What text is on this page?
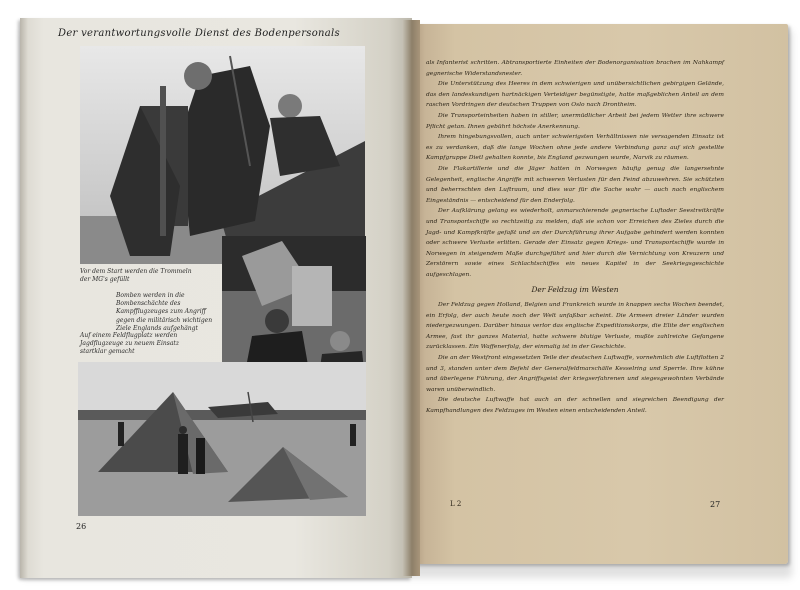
Der verantwortungsvolle Dienst des Bodenpersonals
Vor dem Start werden die Trommeln der MG's gefüllt
Bomben werden in die Bombenschächte des Kampfflugzeuges zum Angriff gegen die militärisch wichtigen Ziele Englands aufgehängt
Auf einem Feldflugplatz werden Jagdflugzeuge zu neuem Einsatz startklar gemacht
26

als Infanterist schritten. Abtransportierte Einheiten der Bodenorganisation brachen im Nahkampf gegnerische Widerstandsnester.

Die Unterstützung des Heeres in dem schwierigen und unübersichtlichen gebirgigen Gelände, das den landeskundigen hartnäckigen Verteidiger begünstigte, hatte maßgeblichen Anteil an dem raschen Vordringen der deutschen Truppen von Oslo nach Drontheim.

Die Transporteinheiten haben in stiller, unermüdlicher Arbeit bei jedem Wetter ihre schwere Pflicht getan. Ihnen gebührt höchste Anerkennung.

Ihrem hingebungsvollen, auch unter schwierigsten Verhältnissen nie versagenden Einsatz ist es zu verdanken, daß die lange Wochen ohne jede andere Verbindung ganz auf sich gestellte Kampfgruppe Dietl gehalten konnte, bis England gezwungen wurde, Narvik zu räumen.

Die Flakartillerie und die Jäger hatten in Norwegen häufig genug die langersehnte Gelegenheit, englische Angriffe mit schweren Verlusten für den Feind abzuwehren. Sie schützten und beherrschten den Luftraum, und dies war für die Sache wahr — auch nach englischem Eingeständnis — entscheidend für den Enderfolg.

Der Aufklärung gelang es wiederholt, anmarschierende gegnerische Luftoder Seestreitkräfte und Transportschiffe so rechtzeitig zu melden, daß sie schon vor Erreichen des Zieles durch die Jagd- und Kampfkräfte gefaßt und an der Durchführung ihrer Aufgabe gehindert werden konnten oder schwere Verluste erlitten. Gerade der Einsatz gegen Kriegs- und Transportschiffe wurde in Norwegen in steigendem Maße durchgeführt und hier durch die Vernichtung von Kreuzern und Zerstörern sowie eines Schlachtschiffes ein neues Kapitel in der Seekriegsgeschichte aufgeschlagen.

Der Feldzug im Westen

Der Feldzug gegen Holland, Belgien und Frankreich wurde in knappen sechs Wochen beendet, ein Erfolg, der auch heute noch der Welt unfaßbar scheint. Die Armeen dreier Länder wurden niedergezwungen. Darüber hinaus verlor das englische Expeditionskorps, die Elite der englischen Armee, fast ihr ganzes Material, hatte schwere blutige Verluste, mußte zahlreiche Gefangene zurücklassen. Ein Waffenerfolg, der einmalig ist in der Geschichte.

Die an der Westfront eingesetzten Teile der deutschen Luftwaffe, vornehmlich die Luftflotten 2 und 3, standen unter dem Befehl der Generalfeldmarschälle Kesselring und Sperrle. Ihre kühne und überlegene Führung, der Angriffsgeist der kriegserfahrenen und siegesgewohnten Verbände waren unüberwindlich.

Die deutsche Luftwaffe hat auch an der schnellen und siegreichen Beendigung der Kampfhandlungen des Feldzuges im Westen einen entscheidenden Anteil.

L 2	27
